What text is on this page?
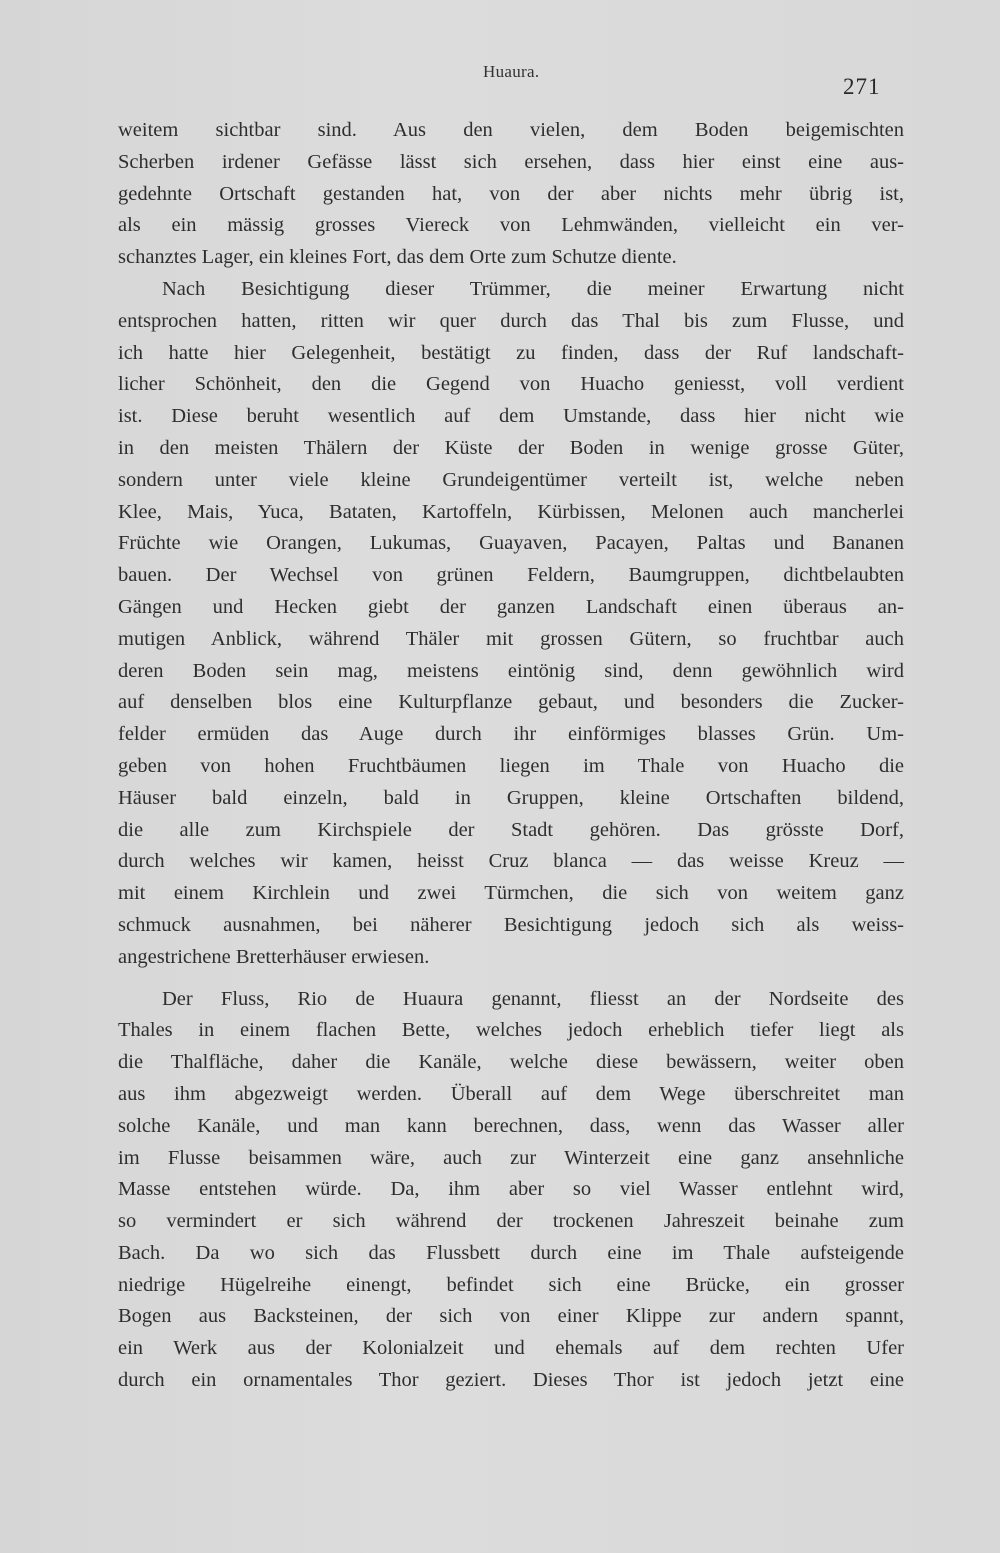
Huaura.
271
weitem sichtbar sind. Aus den vielen, dem Boden beigemischten
Scherben irdener Gefässe lässt sich ersehen, dass hier einst eine aus-
gedehnte Ortschaft gestanden hat, von der aber nichts mehr übrig ist,
als ein mässig grosses Viereck von Lehmwänden, vielleicht ein ver-
schanztes Lager, ein kleines Fort, das dem Orte zum Schutze diente.
Nach Besichtigung dieser Trümmer, die meiner Erwartung nicht
entsprochen hatten, ritten wir quer durch das Thal bis zum Flusse, und
ich hatte hier Gelegenheit, bestätigt zu finden, dass der Ruf landschaft-
licher Schönheit, den die Gegend von Huacho geniesst, voll verdient
ist. Diese beruht wesentlich auf dem Umstande, dass hier nicht wie
in den meisten Thälern der Küste der Boden in wenige grosse Güter,
sondern unter viele kleine Grundeigentümer verteilt ist, welche neben
Klee, Mais, Yuca, Bataten, Kartoffeln, Kürbissen, Melonen auch mancherlei
Früchte wie Orangen, Lukumas, Guayaven, Pacayen, Paltas und Bananen
bauen. Der Wechsel von grünen Feldern, Baumgruppen, dichtbelaubten
Gängen und Hecken giebt der ganzen Landschaft einen überaus an-
mutigen Anblick, während Thäler mit grossen Gütern, so fruchtbar auch
deren Boden sein mag, meistens eintönig sind, denn gewöhnlich wird
auf denselben blos eine Kulturpflanze gebaut, und besonders die Zucker-
felder ermüden das Auge durch ihr einförmiges blasses Grün. Um-
geben von hohen Fruchtbäumen liegen im Thale von Huacho die
Häuser bald einzeln, bald in Gruppen, kleine Ortschaften bildend,
die alle zum Kirchspiele der Stadt gehören. Das grösste Dorf,
durch welches wir kamen, heisst Cruz blanca — das weisse Kreuz —
mit einem Kirchlein und zwei Türmchen, die sich von weitem ganz
schmuck ausnahmen, bei näherer Besichtigung jedoch sich als weiss-
angestrichene Bretterhäuser erwiesen.
Der Fluss, Rio de Huaura genannt, fliesst an der Nordseite des
Thales in einem flachen Bette, welches jedoch erheblich tiefer liegt als
die Thalfläche, daher die Kanäle, welche diese bewässern, weiter oben
aus ihm abgezweigt werden. Überall auf dem Wege überschreitet man
solche Kanäle, und man kann berechnen, dass, wenn das Wasser aller
im Flusse beisammen wäre, auch zur Winterzeit eine ganz ansehnliche
Masse entstehen würde. Da, ihm aber so viel Wasser entlehnt wird,
so vermindert er sich während der trockenen Jahreszeit beinahe zum
Bach. Da wo sich das Flussbett durch eine im Thale aufsteigende
niedrige Hügelreihe einengt, befindet sich eine Brücke, ein grosser
Bogen aus Backsteinen, der sich von einer Klippe zur andern spannt,
ein Werk aus der Kolonialzeit und ehemals auf dem rechten Ufer
durch ein ornamentales Thor geziert. Dieses Thor ist jedoch jetzt eine
